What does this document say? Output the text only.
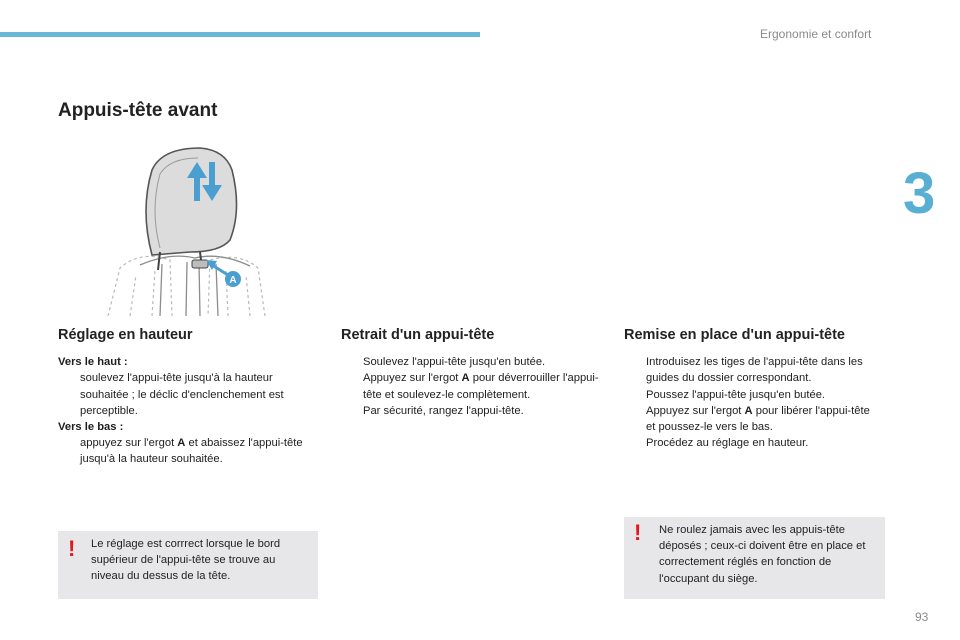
Ergonomie et confort
3
Appuis-tête avant
A
Réglage en hauteur

Vers le haut :

soulevez l'appui-tête jusqu'à la hauteur souhaitée ; le déclic d'enclenchement est perceptible.

Vers le bas :

appuyez sur l'ergot A et abaissez l'appui-tête jusqu'à la hauteur souhaitée.

Retrait d'un appui-tête

Soulevez l'appui-tête jusqu'en butée.

Appuyez sur l'ergot A pour déverrouiller l'appui-tête et soulevez-le complètement.

Par sécurité, rangez l'appui-tête.

Remise en place d'un appui-tête

Introduisez les tiges de l'appui-tête dans les guides du dossier correspondant.

Poussez l'appui-tête jusqu'en butée.

Appuyez sur l'ergot A pour libérer l'appui-tête et poussez-le vers le bas.

Procédez au réglage en hauteur.

! Le réglage est corrrect lorsque le bord supérieur de l'appui-tête se trouve au niveau du dessus de la tête.
! Ne roulez jamais avec les appuis-tête déposés ; ceux-ci doivent être en place et correctement réglés en fonction de l'occupant du siège.
93
